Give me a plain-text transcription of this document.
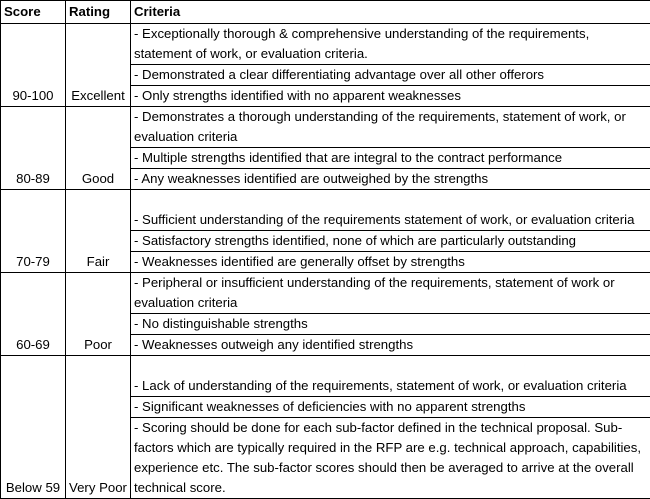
Score	Rating	Criteria
90-100	Excellent	- Exceptionally thorough & comprehensive understanding of the requirements, statement of work, or evaluation criteria.
		- Demonstrated a clear differentiating advantage over all other offerors
		- Only strengths identified with no apparent weaknesses
80-89	Good	- Demonstrates a thorough understanding of the requirements, statement of work, or evaluation criteria
		- Multiple strengths identified that are integral to the contract performance
		- Any weaknesses identified are outweighed by the strengths
70-79	Fair	- Sufficient understanding of the requirements statement of work, or evaluation criteria
		- Satisfactory strengths identified, none of which are particularly outstanding
		- Weaknesses identified are generally offset by strengths
60-69	Poor	- Peripheral or insufficient understanding of the requirements, statement of work or evaluation criteria
		- No distinguishable strengths
		- Weaknesses outweigh any identified strengths
Below 59	Very Poor	- Lack of understanding of the requirements, statement of work, or evaluation criteria
		- Significant weaknesses of deficiencies with no apparent strengths
		- Scoring should be done for each sub-factor defined in the technical proposal. Sub-factors which are typically required in the RFP are e.g. technical approach, capabilities, experience etc. The sub-factor scores should then be averaged to arrive at the overall technical score.
